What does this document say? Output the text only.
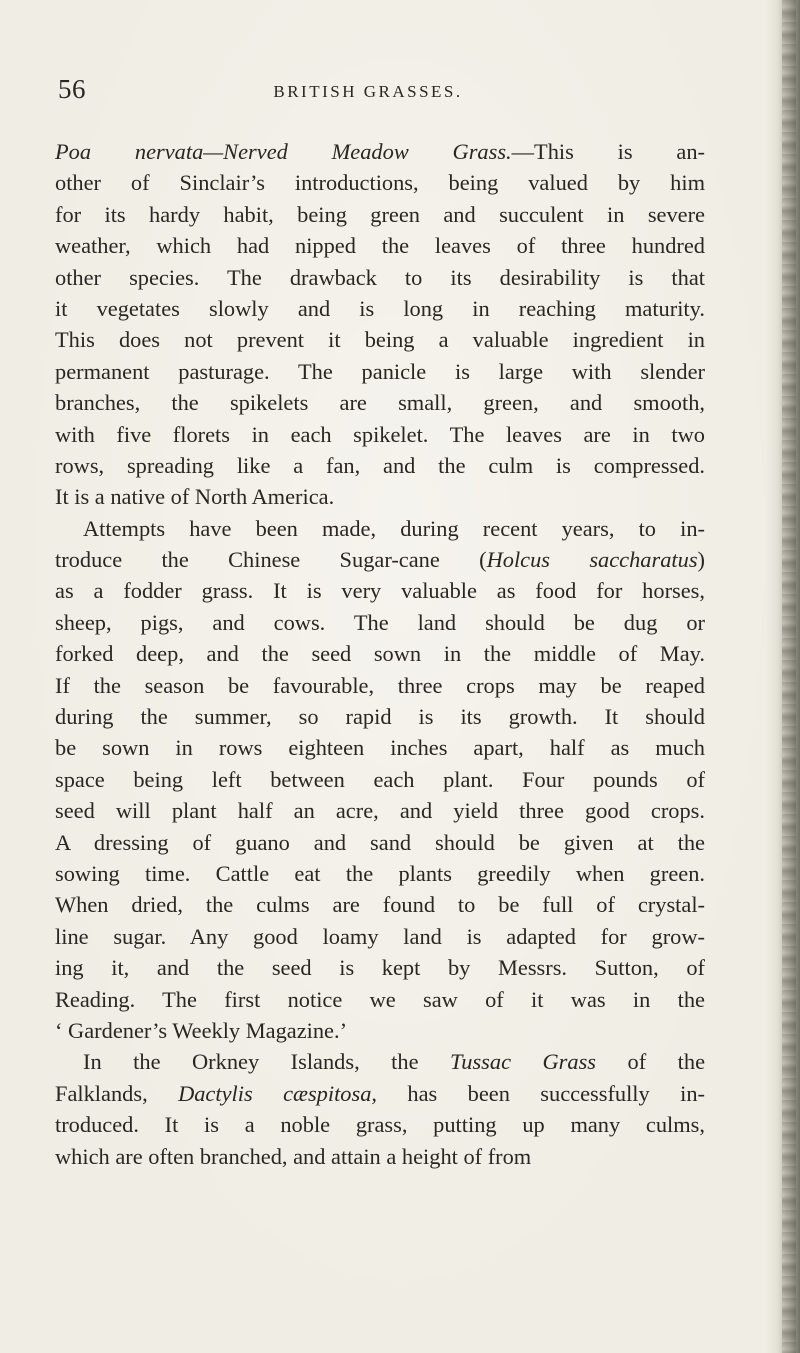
56	BRITISH GRASSES.
Poa nervata—Nerved Meadow Grass.—This is an-
other of Sinclair’s introductions, being valued by him
for its hardy habit, being green and succulent in severe
weather, which had nipped the leaves of three hundred
other species. The drawback to its desirability is that
it vegetates slowly and is long in reaching maturity.
This does not prevent it being a valuable ingredient in
permanent pasturage. The panicle is large with slender
branches, the spikelets are small, green, and smooth,
with five florets in each spikelet. The leaves are in two
rows, spreading like a fan, and the culm is compressed.
It is a native of North America.
Attempts have been made, during recent years, to in-
troduce the Chinese Sugar-cane (Holcus saccharatus)
as a fodder grass. It is very valuable as food for horses,
sheep, pigs, and cows. The land should be dug or
forked deep, and the seed sown in the middle of May.
If the season be favourable, three crops may be reaped
during the summer, so rapid is its growth. It should
be sown in rows eighteen inches apart, half as much
space being left between each plant. Four pounds of
seed will plant half an acre, and yield three good crops.
A dressing of guano and sand should be given at the
sowing time. Cattle eat the plants greedily when green.
When dried, the culms are found to be full of crystal-
line sugar. Any good loamy land is adapted for grow-
ing it, and the seed is kept by Messrs. Sutton, of
Reading. The first notice we saw of it was in the
‘ Gardener’s Weekly Magazine.’
In the Orkney Islands, the Tussac Grass of the
Falklands, Dactylis cæspitosa, has been successfully in-
troduced. It is a noble grass, putting up many culms,
which are often branched, and attain a height of from
